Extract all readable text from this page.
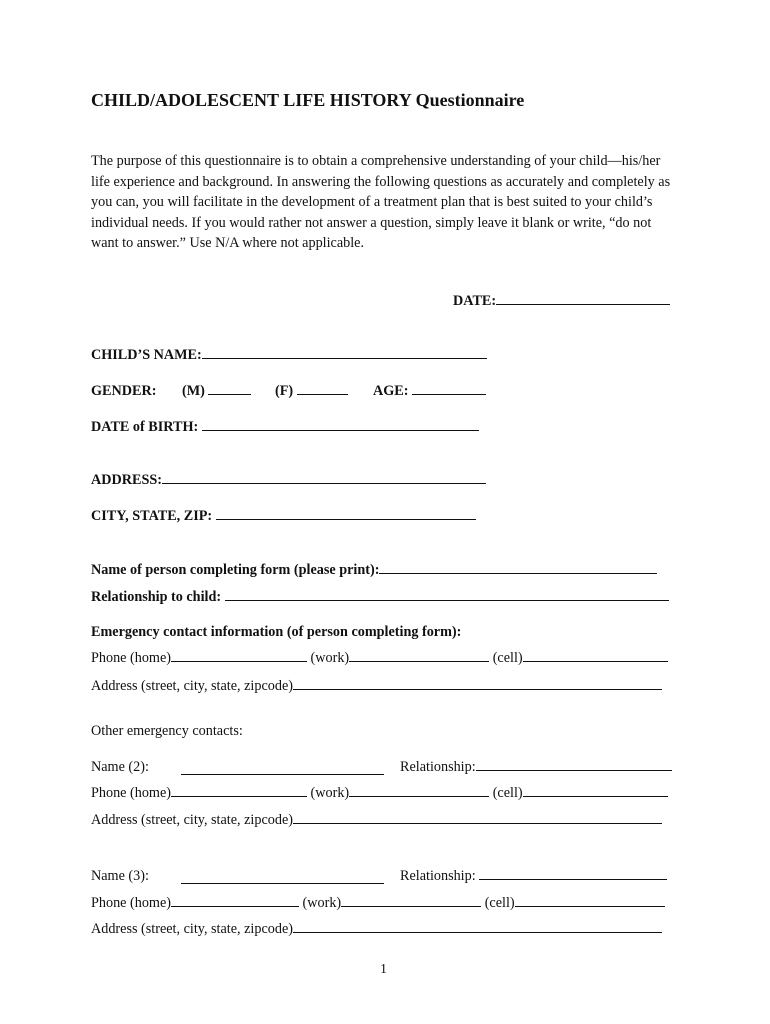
CHILD/ADOLESCENT LIFE HISTORY Questionnaire
The purpose of this questionnaire is to obtain a comprehensive understanding of your child—his/her life experience and background. In answering the following questions as accurately and completely as you can, you will facilitate in the development of a treatment plan that is best suited to your child’s individual needs. If you would rather not answer a question, simply leave it blank or write, “do not want to answer.” Use N/A where not applicable.
DATE:
CHILD’S NAME:
GENDER: (M)	(F)	AGE:
DATE of BIRTH:
ADDRESS:
CITY, STATE, ZIP:
Name of person completing form (please print):
Relationship to child:
Emergency contact information (of person completing form):
Phone (home)	(work)	(cell)
Address (street, city, state, zipcode)
Other emergency contacts:
Name (2):	Relationship:
Phone (home)	(work)	(cell)
Address (street, city, state, zipcode)
Name (3):	Relationship:
Phone (home)	(work)	(cell)
Address (street, city, state, zipcode)
1
